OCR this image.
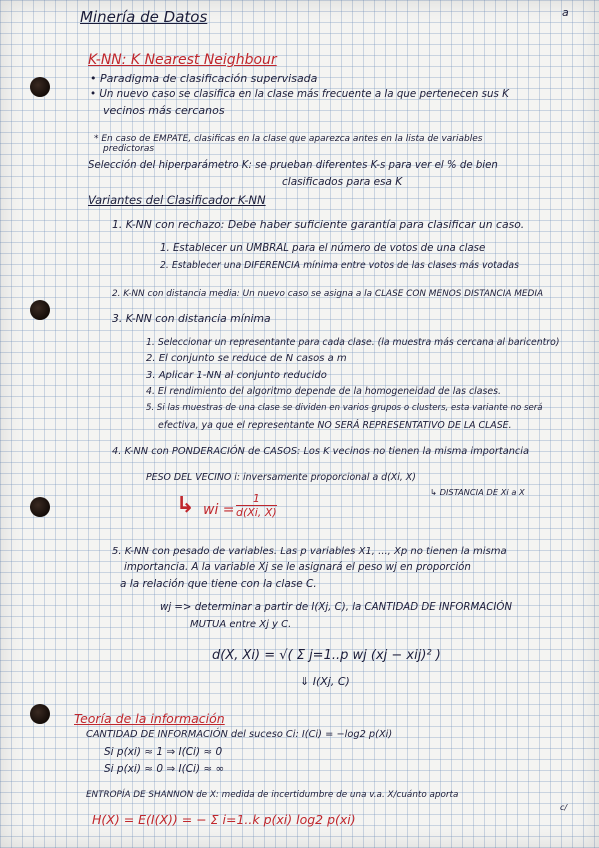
Minería de Datos	a
K-NN: K Nearest Neighbour
• Paradigma de clasificación supervisada
• Un nuevo caso se clasifica en la clase más frecuente a la que pertenecen sus K
vecinos más cercanos
* En caso de EMPATE, clasificas en la clase que aparezca antes en la lista de variables
predictoras
Selección del hiperparámetro K: se prueban diferentes K-s para ver el % de bien
clasificados para esa K
Variantes del Clasificador K-NN
1. K-NN con rechazo: Debe haber suficiente garantía para clasificar un caso.
1. Establecer un UMBRAL para el número de votos de una clase
2. Establecer una DIFERENCIA mínima entre votos de las clases más votadas
2. K-NN con distancia media: Un nuevo caso se asigna a la CLASE CON MENOS DISTANCIA MEDIA
3. K-NN con distancia mínima
1. Seleccionar un representante para cada clase. (la muestra más cercana al baricentro)
2. El conjunto se reduce de N casos a m
3. Aplicar 1-NN al conjunto reducido
4. El rendimiento del algoritmo depende de la homogeneidad de las clases.
5. Si las muestras de una clase se dividen en varios grupos o clusters, esta variante no será
efectiva, ya que el representante NO SERÁ REPRESENTATIVO DE LA CLASE.
4. K-NN con PONDERACIÓN de CASOS: Los K vecinos no tienen la misma importancia
PESO DEL VECINO i: inversamente proporcional a d(Xi, X)
↳ DISTANCIA DE Xi a X
↳ wi = $\frac{1}{d(Xi, X)}$
5. K-NN con pesado de variables. Las p variables X1, ..., Xp no tienen la misma
importancia. A la variable Xj se le asignará el peso wj en proporción
a la relación que tiene con la clase C.
wj => determinar a partir de I(Xj, C), la CANTIDAD DE INFORMACIÓN
MUTUA entre Xj y C.
d(X, Xi) = √( Σ j=1..p wj (xj − xij)² )
⇓ I(Xj, C)
Teoría de la información
CANTIDAD DE INFORMACIÓN del suceso Ci: I(Ci) = −log2 p(Xi)
Si p(xi) ≈ 1 ⇒ I(Ci) ≈ 0
Si p(xi) ≈ 0 ⇒ I(Ci) ≈ ∞
ENTROPÍA DE SHANNON de X: medida de incertidumbre de una v.a. X/cuánto aporta
c/
H(X) = E(I(X)) = − Σ i=1..k p(xi) log2 p(xi)
